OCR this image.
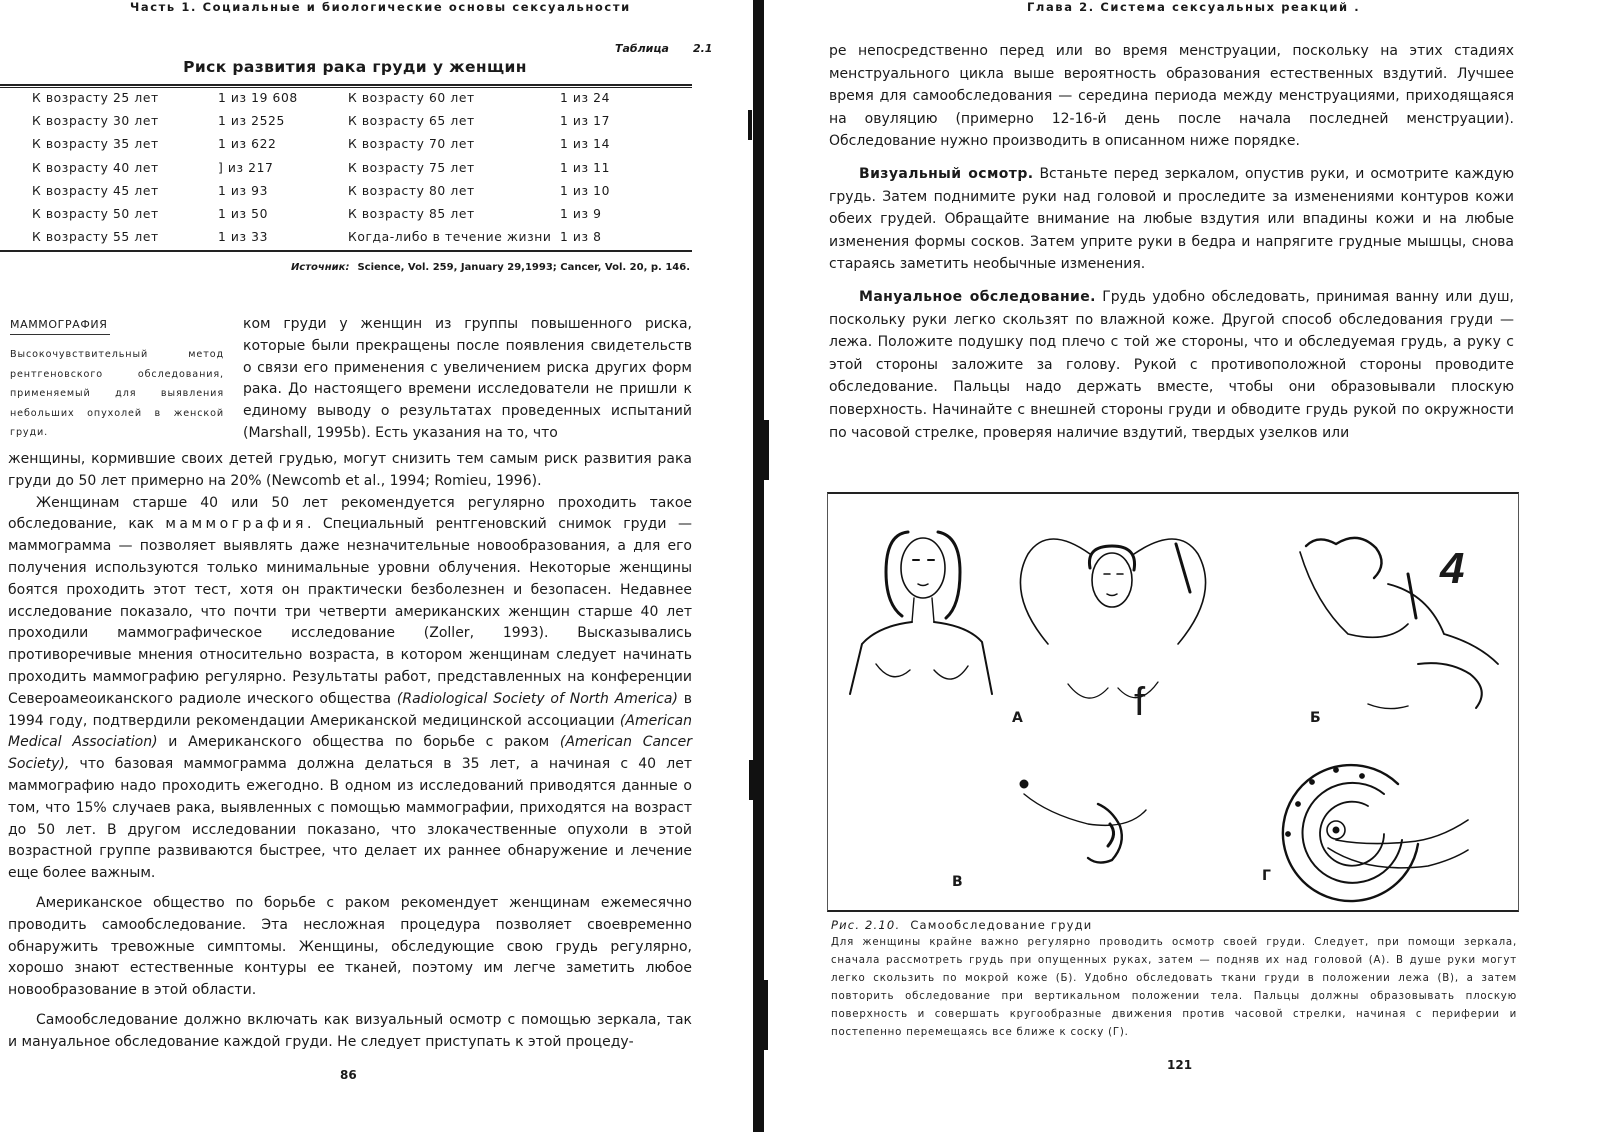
Часть 1. Социальные и биологические основы сексуальности
Таблица 2.1
Риск развития рака груди у женщин
К возрасту 25 лет	1 из 19 608	К возрасту 60 лет	1 из 24
К возрасту 30 лет	1 из 2525	К возрасту 65 лет	1 из 17
К возрасту 35 лет	1 из 622	К возрасту 70 лет	1 из 14
К возрасту 40 лет	] из 217	К возрасту 75 лет	1 из 11
К возрасту 45 лет	1 из 93	К возрасту 80 лет	1 из 10
К возрасту 50 лет	1 из 50	К возрасту 85 лет	1 из 9
К возрасту 55 лет	1 из 33	Когда-либо в течение жизни 1 из 8
Источник: Science, Vol. 259, January 29,1993; Cancer, Vol. 20, p. 146.
МАММОГРАФИЯ
Высокочувствительный метод рентгеновского обследования, применяемый для выявления небольших опухолей в женской груди.
ком груди у женщин из группы повышенного риска, которые были прекращены после появления свидетельств о связи его применения с увеличением риска других форм рака. До настоящего времени исследователи не пришли к единому выводу о результатах проведенных испытаний (Marshall, 1995b). Есть указания на то, что

женщины, кормившие своих детей грудью, могут снизить тем самым риск развития рака груди до 50 лет примерно на 20% (Newcomb et al., 1994; Romieu, 1996).

Женщинам старше 40 или 50 лет рекомендуется регулярно проходить такое обследование, как маммография. Специальный рентгеновский снимок груди — маммограмма — позволяет выявлять даже незначительные новообразования, а для его получения используются только минимальные уровни облучения. Некоторые женщины боятся проходить этот тест, хотя он практически безболезнен и безопасен. Недавнее исследование показало, что почти три четверти американских женщин старше 40 лет проходили маммографическое исследование (Zoller, 1993). Высказывались противоречивые мнения относительно возраста, в котором женщинам следует начинать проходить маммографию регулярно. Результаты работ, представленных на конференции Североамеоиканского радиоле ического общества (Radiological Society of North America) в 1994 году, подтвердили рекомендации Американской медицинской ассоциации (American Medical Association) и Американского общества по борьбе с раком (American Cancer Society), что базовая маммограмма должна делаться в 35 лет, а начиная с 40 лет маммографию надо проходить ежегодно. В одном из исследований приводятся данные о том, что 15% случаев рака, выявленных с помощью маммографии, приходятся на возраст до 50 лет. В другом исследовании показано, что злокачественные опухоли в этой возрастной группе развиваются быстрее, что делает их раннее обнаружение и лечение еще более важным.

Американское общество по борьбе с раком рекомендует женщинам ежемесячно проводить самообследование. Эта несложная процедура позволяет своевременно обнаружить тревожные симптомы. Женщины, обследующие свою грудь регулярно, хорошо знают естественные контуры ее тканей, поэтому им легче заметить любое новообразование в этой области.

Самообследование должно включать как визуальный осмотр с помощью зеркала, так и мануальное обследование каждой груди. Не следует приступать к этой процеду-

86
Глава 2. Система сексуальных реакций .

ре непосредственно перед или во время менструации, поскольку на этих стадиях менструального цикла выше вероятность образования естественных вздутий. Лучшее время для самообследования — середина периода между менструациями, приходящаяся на овуляцию (примерно 12-16-й день после начала последней менструации). Обследование нужно производить в описанном ниже порядке.

Визуальный осмотр. Встаньте перед зеркалом, опустив руки, и осмотрите каждую грудь. Затем поднимите руки над головой и проследите за изменениями контуров кожи обеих грудей. Обращайте внимание на любые вздутия или впадины кожи и на любые изменения формы сосков. Затем уприте руки в бедра и напрягите грудные мышцы, снова стараясь заметить необычные изменения.

Мануальное обследование. Грудь удобно обследовать, принимая ванну или душ, поскольку руки легко скользят по влажной коже. Другой способ обследования груди — лежа. Положите подушку под плечо с той же стороны, что и обследуемая грудь, а руку с этой стороны заложите за голову. Рукой с противоположной стороны проводите обследование. Пальцы надо держать вместе, чтобы они образовывали плоскую поверхность. Начинайте с внешней стороны груди и обводите грудь рукой по окружности по часовой стрелке, проверяя наличие вздутий, твердых узелков или

А	Б
В	Г
f
4
Рис. 2.10. Самообследование груди
Для женщины крайне важно регулярно проводить осмотр своей груди. Следует, при помощи зеркала, сначала рассмотреть грудь при опущенных руках, затем — подняв их над головой (А). В душе руки могут легко скользить по мокрой коже (Б). Удобно обследовать ткани груди в положении лежа (В), а затем повторить обследование при вертикальном положении тела. Пальцы должны образовывать плоскую поверхность и совершать кругообразные движения против часовой стрелки, начиная с периферии и постепенно перемещаясь все ближе к соску (Г).
121
